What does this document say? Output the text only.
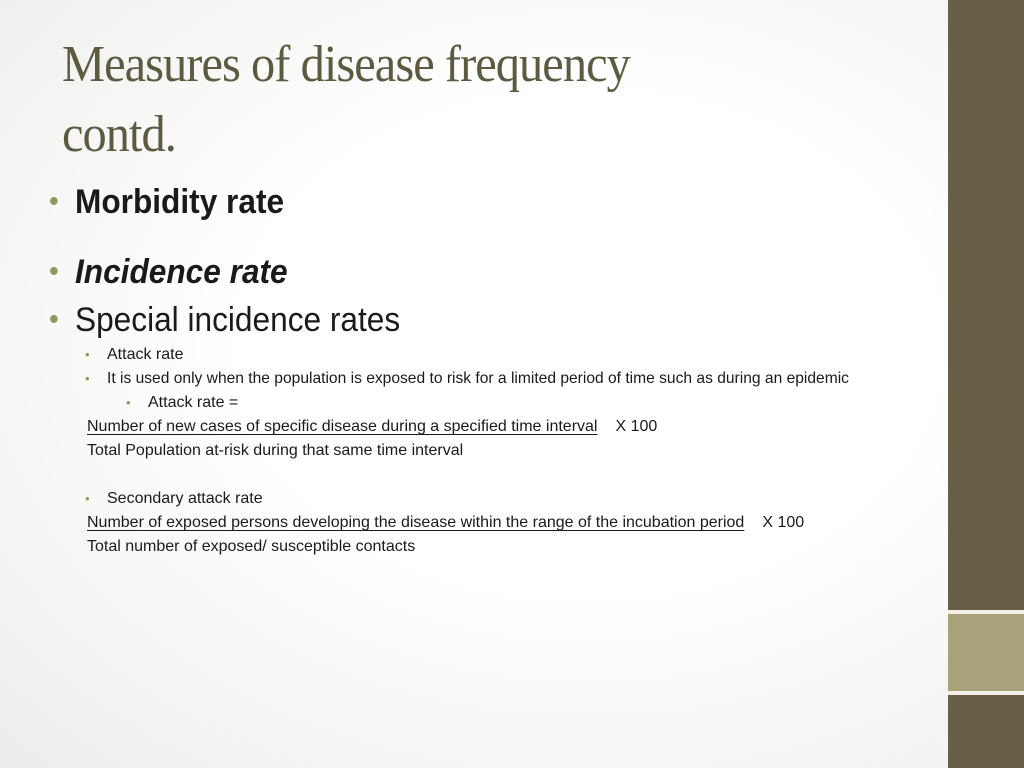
Measures of disease frequency
contd.
• Morbidity rate
• Incidence rate
• Special incidence rates
• Attack rate
• It is used only when the population is exposed to risk for a limited period of time such as during an epidemic
• Attack rate =
Number of new cases of specific disease during a specified time interval X 100
Total Population at-risk during that same time interval
• Secondary attack rate
Number of exposed persons developing the disease within the range of the incubation period X 100
Total number of exposed/ susceptible contacts
